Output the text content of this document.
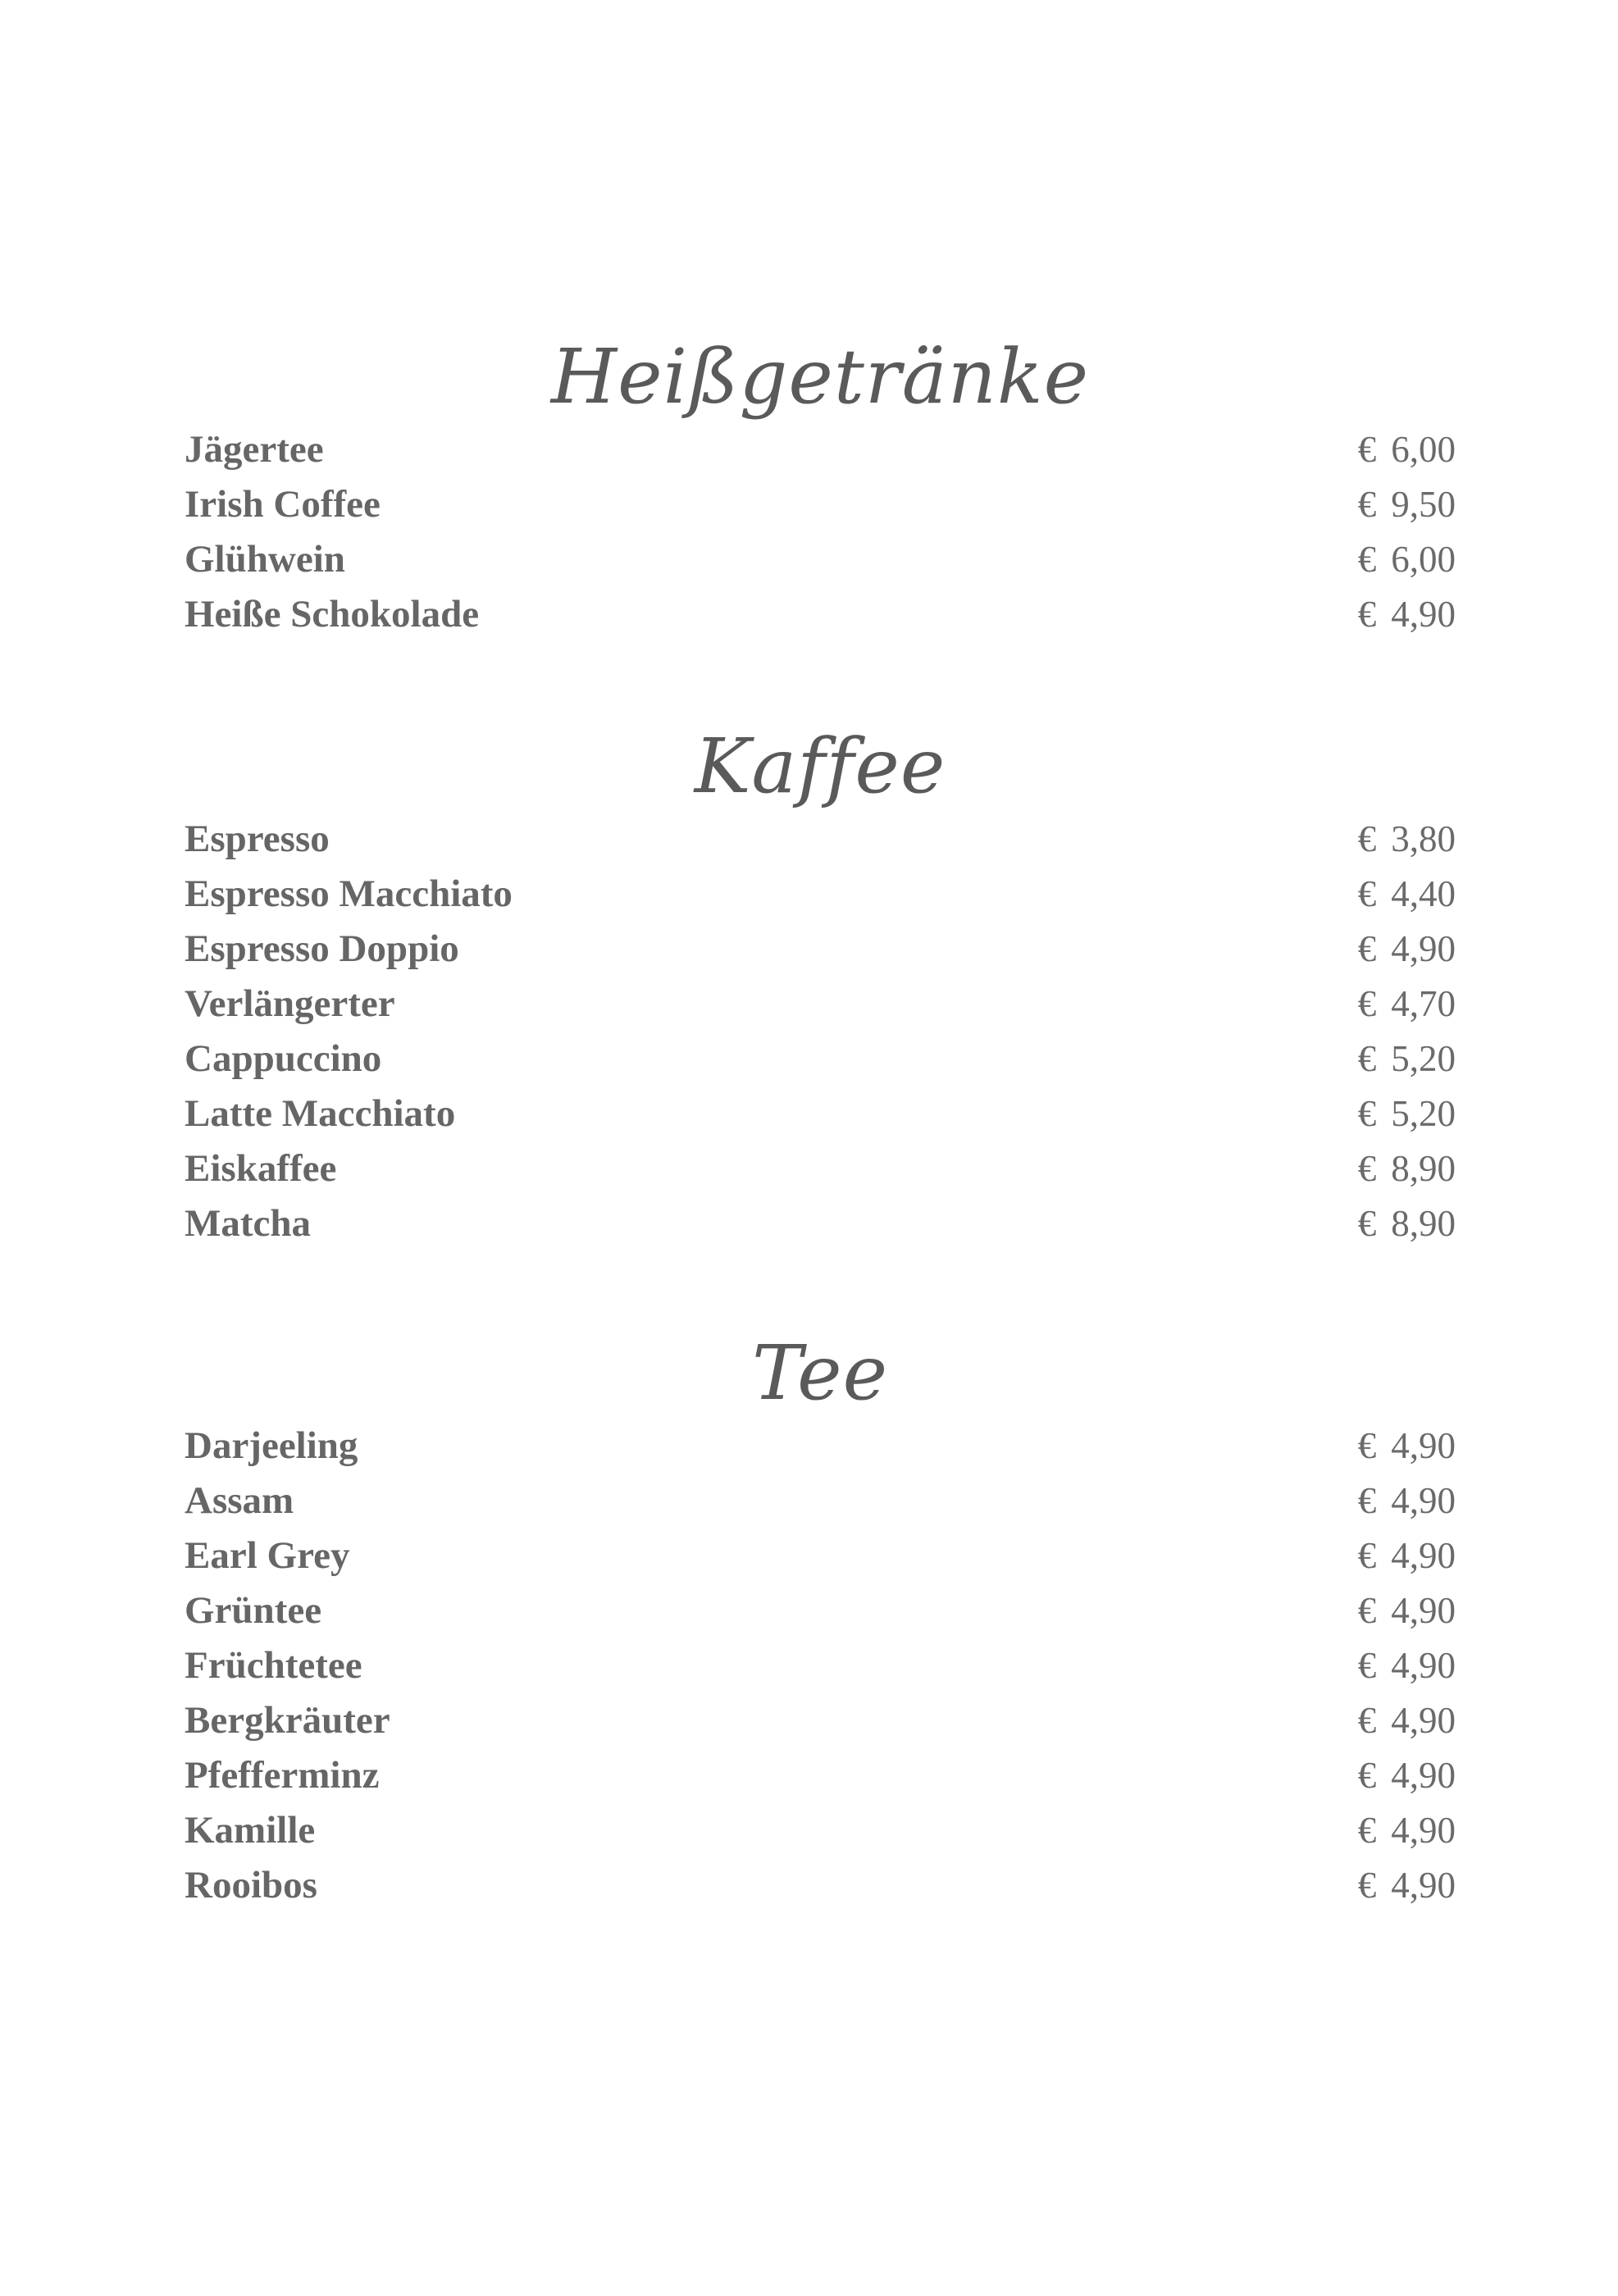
Heißgetränke
Jägertee	€ 6,00
Irish Coffee	€ 9,50
Glühwein	€ 6,00
Heiße Schokolade	€ 4,90
Kaffee
Espresso	€ 3,80
Espresso Macchiato	€ 4,40
Espresso Doppio	€ 4,90
Verlängerter	€ 4,70
Cappuccino	€ 5,20
Latte Macchiato	€ 5,20
Eiskaffee	€ 8,90
Matcha	€ 8,90
Tee
Darjeeling	€ 4,90
Assam	€ 4,90
Earl Grey	€ 4,90
Grüntee	€ 4,90
Früchtetee	€ 4,90
Bergkräuter	€ 4,90
Pfefferminz	€ 4,90
Kamille	€ 4,90
Rooibos	€ 4,90
